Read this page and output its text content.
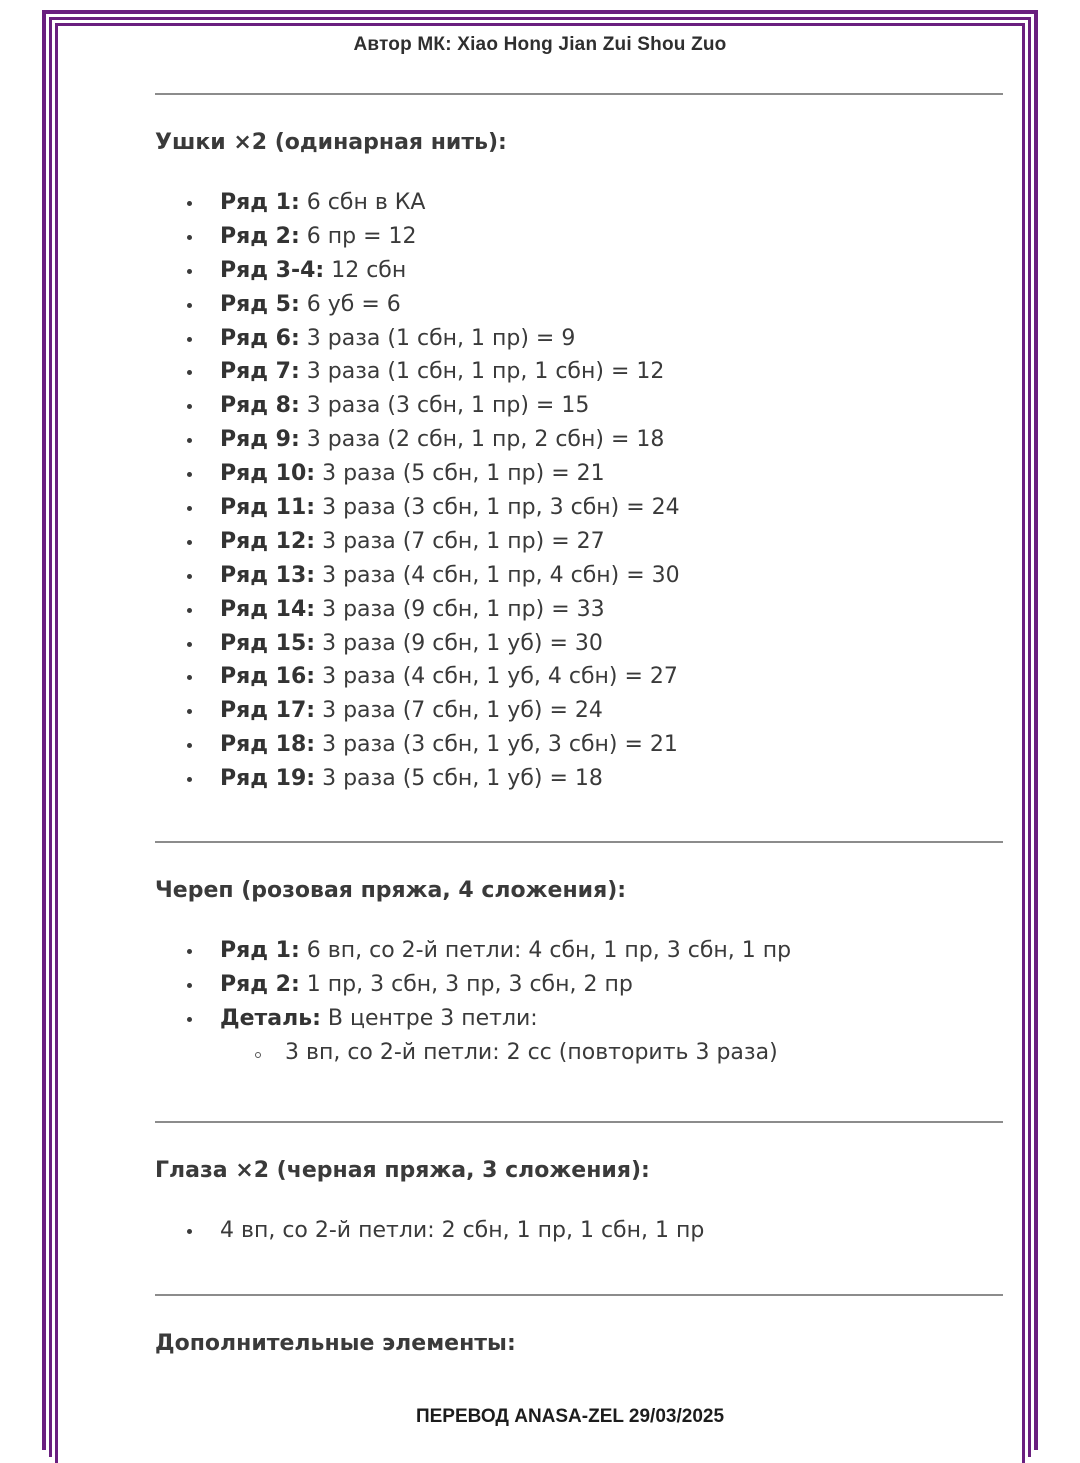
Автор МК: Xiao Hong Jian Zui Shou Zuo
Ушки ×2 (одинарная нить):
Ряд 1: 6 сбн в КА
Ряд 2: 6 пр = 12
Ряд 3-4: 12 сбн
Ряд 5: 6 уб = 6
Ряд 6: 3 раза (1 сбн, 1 пр) = 9
Ряд 7: 3 раза (1 сбн, 1 пр, 1 сбн) = 12
Ряд 8: 3 раза (3 сбн, 1 пр) = 15
Ряд 9: 3 раза (2 сбн, 1 пр, 2 сбн) = 18
Ряд 10: 3 раза (5 сбн, 1 пр) = 21
Ряд 11: 3 раза (3 сбн, 1 пр, 3 сбн) = 24
Ряд 12: 3 раза (7 сбн, 1 пр) = 27
Ряд 13: 3 раза (4 сбн, 1 пр, 4 сбн) = 30
Ряд 14: 3 раза (9 сбн, 1 пр) = 33
Ряд 15: 3 раза (9 сбн, 1 уб) = 30
Ряд 16: 3 раза (4 сбн, 1 уб, 4 сбн) = 27
Ряд 17: 3 раза (7 сбн, 1 уб) = 24
Ряд 18: 3 раза (3 сбн, 1 уб, 3 сбн) = 21
Ряд 19: 3 раза (5 сбн, 1 уб) = 18
Череп (розовая пряжа, 4 сложения):
Ряд 1: 6 вп, со 2-й петли: 4 сбн, 1 пр, 3 сбн, 1 пр
Ряд 2: 1 пр, 3 сбн, 3 пр, 3 сбн, 2 пр
Деталь: В центре 3 петли:
3 вп, со 2-й петли: 2 сс (повторить 3 раза)
Глаза ×2 (черная пряжа, 3 сложения):
4 вп, со 2-й петли: 2 сбн, 1 пр, 1 сбн, 1 пр
Дополнительные элементы:
ПЕРЕВОД ANASA-ZEL 29/03/2025
